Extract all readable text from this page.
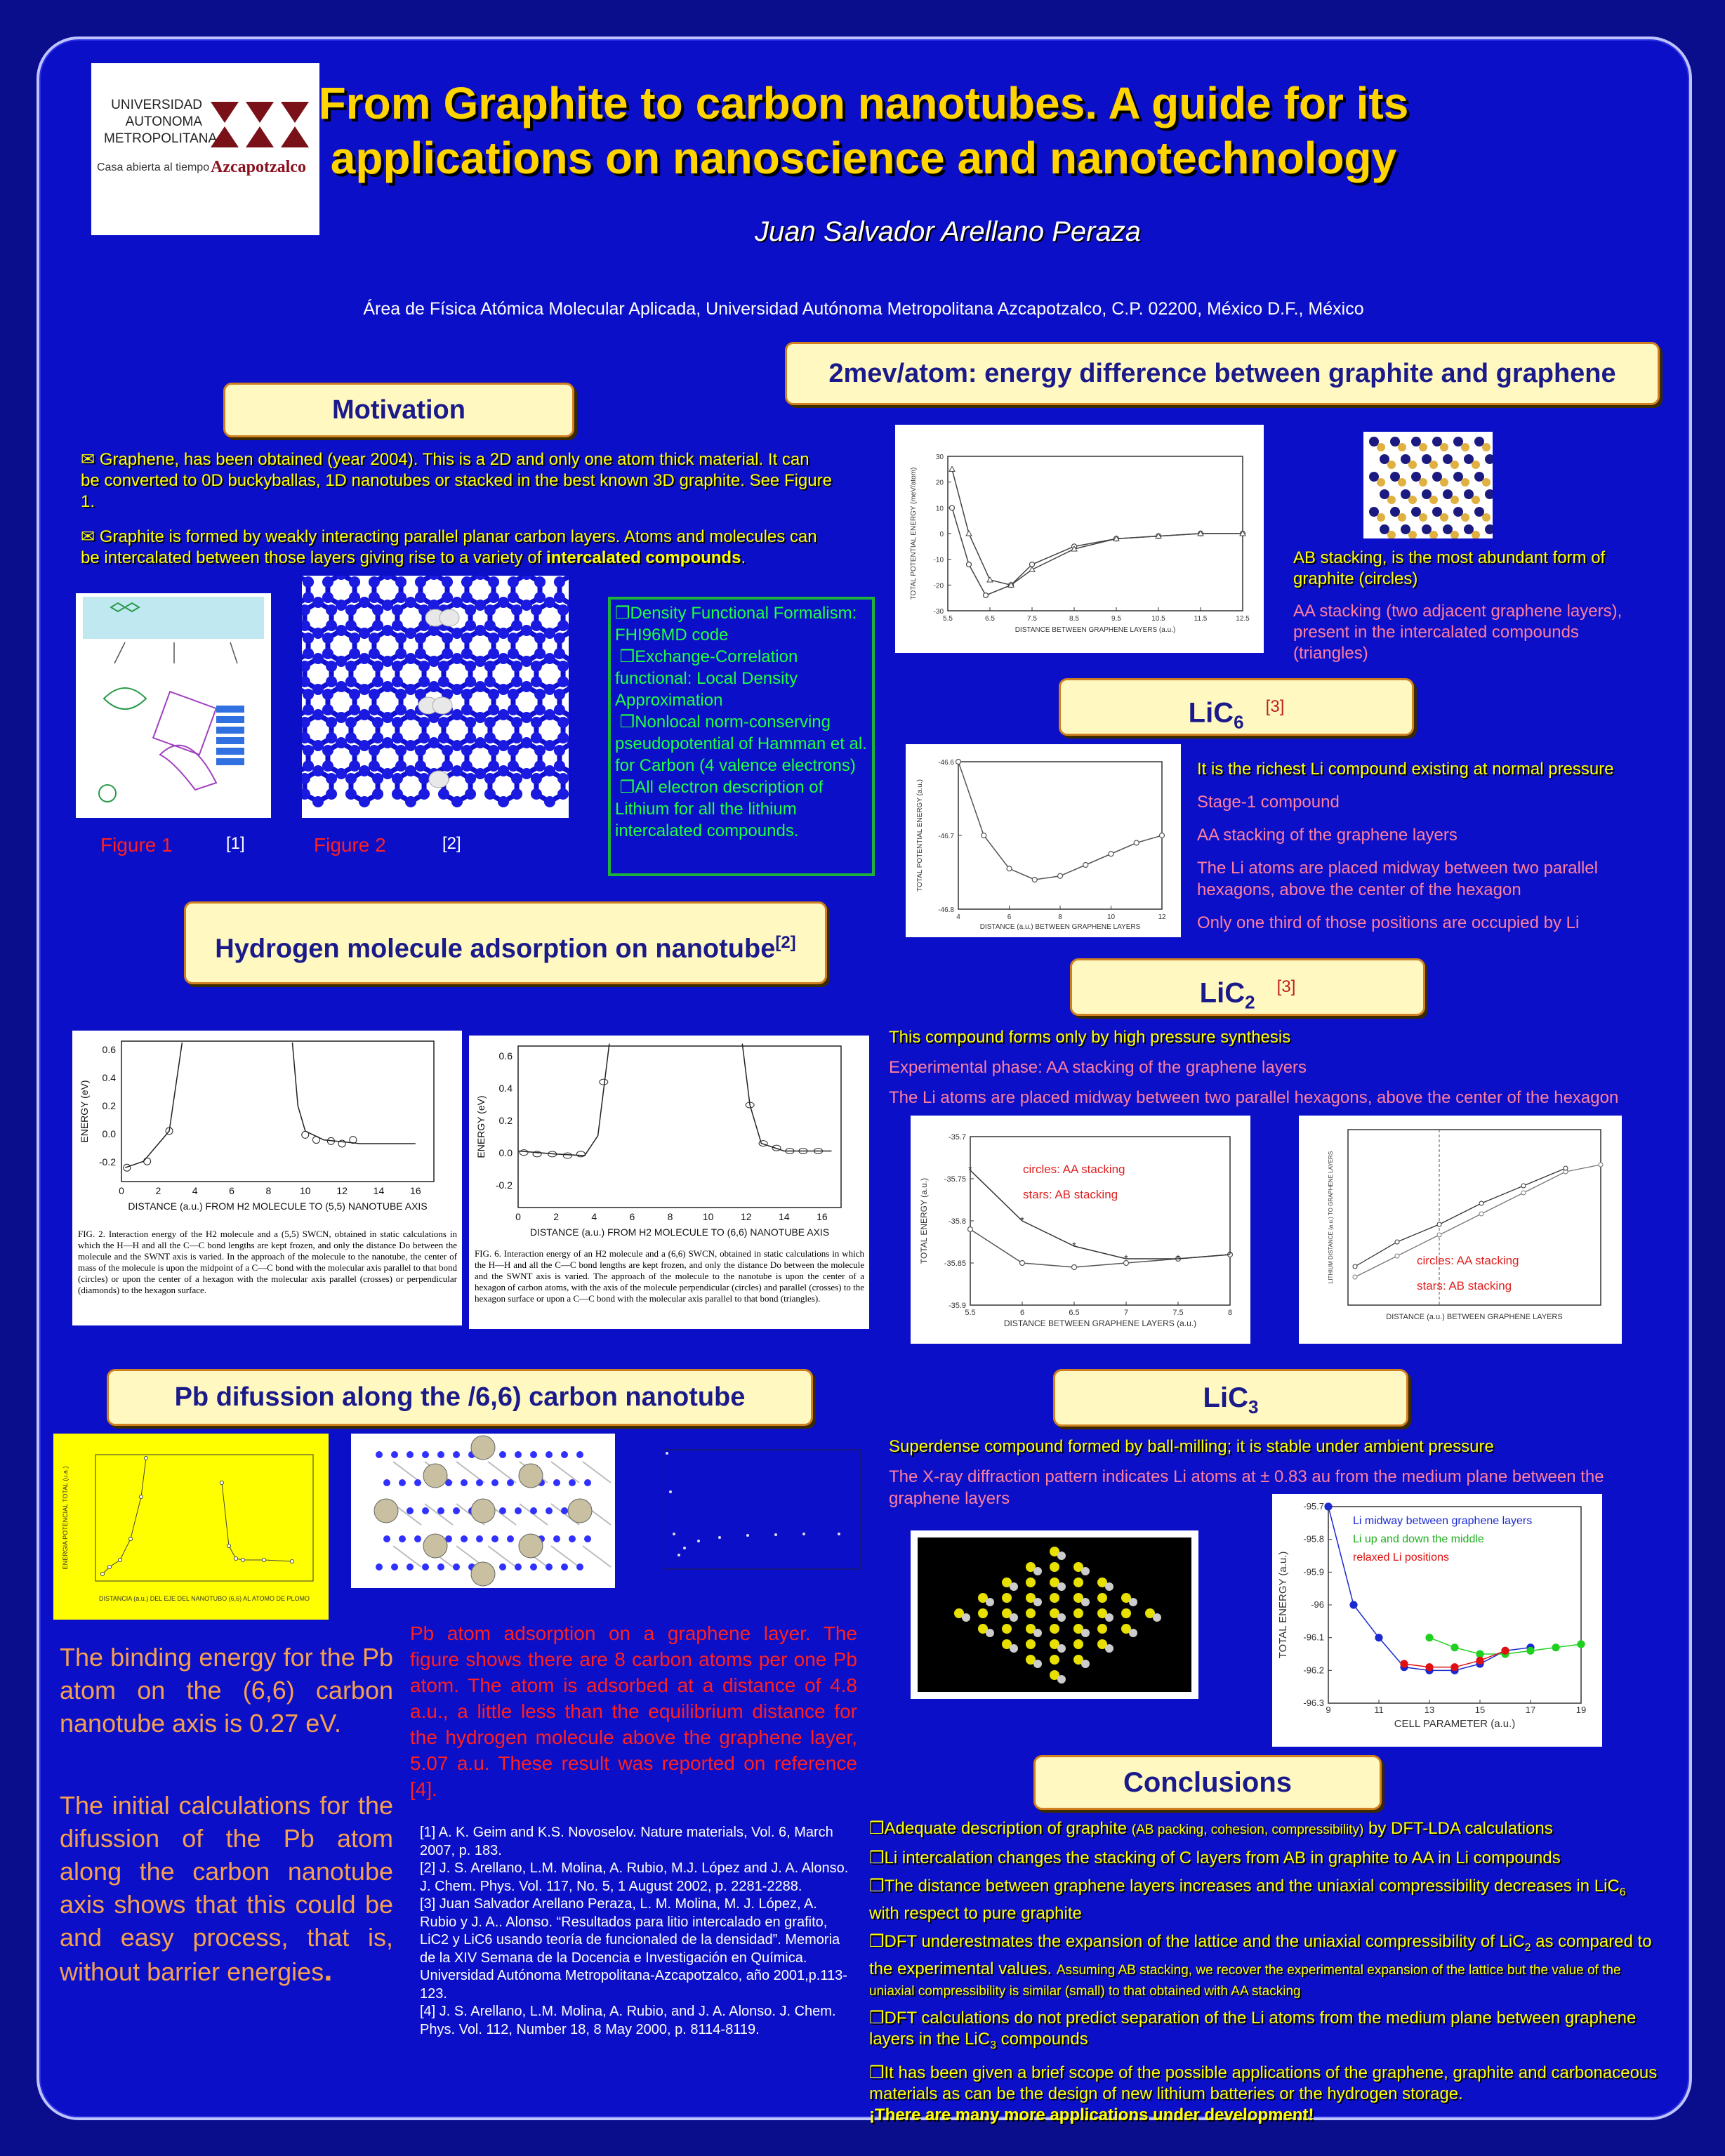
UNIVERSIDAD
AUTONOMA
METROPOLITANA
Casa abierta al tiempo Azcapotzalco
From Graphite to carbon nanotubes. A guide for its
applications on nanoscience and nanotechnology
Juan Salvador Arellano Peraza
Área de Física Atómica Molecular Aplicada, Universidad Autónoma Metropolitana Azcapotzalco, C.P. 02200, México D.F., México
Motivation
✉ Graphene, has been obtained (year 2004). This is a 2D and only one atom thick material. It can be converted to 0D buckyballas, 1D nanotubes or stacked in the best known 3D graphite. See Figure 1.
✉ Graphite is formed by weakly interacting parallel planar carbon layers. Atoms and molecules can be intercalated between those layers giving rise to a variety of intercalated compounds.
Figure 1	[1]	Figure 2	[2]
❒Density Functional Formalism: FHI96MD code
❒Exchange-Correlation functional: Local Density Approximation
❒Nonlocal norm-conserving pseudopotential of Hamman et al. for Carbon (4 valence electrons)
❒All electron description of Lithium for all the lithium intercalated compounds.
2mev/atom: energy difference between graphite and graphene
5.5	6.5	7.5	8.5	9.5	10.5	11.5	12.5
-30
-20
-10
0
10
20
30
DISTANCE BETWEEN GRAPHENE LAYERS (a.u.)
TOTAL POTENTIAL ENERGY (meV/atom)	AB stacking, is the most abundant form of graphite (circles)
AA stacking (two adjacent graphene layers), present in the intercalated compounds (triangles)
LiC$_6$ [3]
4	6	8	10	12
-46.6
-46.7
-46.8
DISTANCE (a.u.) BETWEEN GRAPHENE LAYERS
TOTAL POTENTIAL ENERGY (a.u.)
It is the richest Li compound existing at normal pressure
Stage-1 compound
AA stacking of the graphene layers
The Li atoms are placed midway between two parallel hexagons, above the center of the hexagon
Only one third of those positions are occupied by Li
Hydrogen molecule adsorption on nanotube[2]
0	2	4	6	8	10	12	14	16
0.6
0.4
0.2
0.0
-0.2
DISTANCE (a.u.) FROM H2 MOLECULE TO (5,5) NANOTUBE AXIS
ENERGY (eV)
FIG. 2. Interaction energy of the H2 molecule and a (5,5) SWCN, obtained in static calculations in which the H—H and all the C—C bond lengths are kept frozen, and only the distance Do between the molecule and the SWNT axis is varied. In the approach of the molecule to the nanotube, the center of mass of the molecule is upon the midpoint of a C—C bond with the molecular axis parallel to that bond (circles) or upon the center of a hexagon with the molecular axis parallel (crosses) or perpendicular (diamonds) to the hexagon surface.
0	2	4	6	8	10	12	14	16
0.6
0.4
0.2
0.0
-0.2
DISTANCE (a.u.) FROM H2 MOLECULE TO (6,6) NANOTUBE AXIS
ENERGY (eV)
FIG. 6. Interaction energy of an H2 molecule and a (6,6) SWCN, obtained in static calculations in which the H—H and all the C—C bond lengths are kept frozen, and only the distance Do between the molecule and the SWNT axis is varied. The approach of the molecule to the nanotube is upon the center of a hexagon of carbon atoms, with the axis of the molecule perpendicular (circles) and parallel (crosses) to the hexagon surface or upon a C—C bond with the molecular axis parallel to that bond (triangles).
LiC$_2$ [3]
This compound forms only by high pressure synthesis
Experimental phase: AA stacking of the graphene layers
The Li atoms are placed midway between two parallel hexagons, above the center of the hexagon
5.5	6	6.5	7	7.5	8
-35.7
-35.75
-35.8
-35.85
-35.9
DISTANCE BETWEEN GRAPHENE LAYERS (a.u.)
TOTAL ENERGY (a.u.)
*
*
*
*	*	*
circles: AA stacking
stars: AB stacking
DISTANCE (a.u.) BETWEEN GRAPHENE LAYERS
LITHIUM DISTANCE (a.u.) TO GRAPHENE LAYERS	circles: AA stacking
stars: AB stacking
Pb difussion along the /6,6) carbon nanotube
DISTANCIA (a.u.) DEL EJE DEL NANOTUBO (6,6) AL ATOMO DE PLOMO
ENERGIA POTENCIAL TOTAL (u.a.)
The binding energy for the Pb atom on the (6,6) carbon nanotube axis is 0.27 eV.
The initial calculations for the difussion of the Pb atom along the carbon nanotube axis shows that this could be and easy process, that is, without barrier energies.
Pb atom adsorption on a graphene layer. The figure shows there are 8 carbon atoms per one Pb atom. The atom is adsorbed at a distance of 4.8 a.u., a little less than the equilibrium distance for the hydrogen molecule above the graphene layer, 5.07 a.u. These result was reported on reference [4].
[1] A. K. Geim and K.S. Novoselov. Nature materials, Vol. 6, March 2007, p. 183.
[2] J. S. Arellano, L.M. Molina, A. Rubio, M.J. López and J. A. Alonso. J. Chem. Phys. Vol. 117, No. 5, 1 August 2002, p. 2281-2288.
[3] Juan Salvador Arellano Peraza, L. M. Molina, M. J. López, A. Rubio y J. A.. Alonso. “Resultados para litio intercalado en grafito, LiC2 y LiC6 usando teoría de funcionaled de la densidad”. Memoria de la XIV Semana de la Docencia e Investigación en Química. Universidad Autónoma Metropolitana-Azcapotzalco, año 2001,p.113-123.
[4] J. S. Arellano, L.M. Molina, A. Rubio, and J. A. Alonso. J. Chem. Phys. Vol. 112, Number 18, 8 May 2000, p. 8114-8119.
LiC$_3$
Superdense compound formed by ball-milling; it is stable under ambient pressure
The X-ray diffraction pattern indicates Li atoms at ± 0.83 au from the medium plane between the graphene layers
9	11	13	15	17	19
-95.7
-95.8
-95.9
-96
-96.1
-96.2
-96.3
CELL PARAMETER (a.u.)
TOTAL ENERGY (a.u.)
Li midway between graphene layers
Li up and down the middle
relaxed Li positions
Conclusions
❒Adequate description of graphite (AB packing, cohesion, compressibility) by DFT-LDA calculations
❒Li intercalation changes the stacking of C layers from AB in graphite to AA in Li compounds
❒The distance between graphene layers increases and the uniaxial compressibility decreases in LiC$_6$ with respect to pure graphite
❒DFT underestmates the expansion of the lattice and the uniaxial compressibility of LiC$_2$ as compared to the experimental values. Assuming AB stacking, we recover the experimental expansion of the lattice but the value of the uniaxial compressibility is similar (small) to that obtained with AA stacking
❒DFT calculations do not predict separation of the Li atoms from the medium plane between graphene layers in the LiC$_3$ compounds
❒It has been given a brief scope of the possible applications of the graphene, graphite and carbonaceous materials as can be the design of new lithium batteries or the hydrogen storage.
¡There are many more applications under development!
